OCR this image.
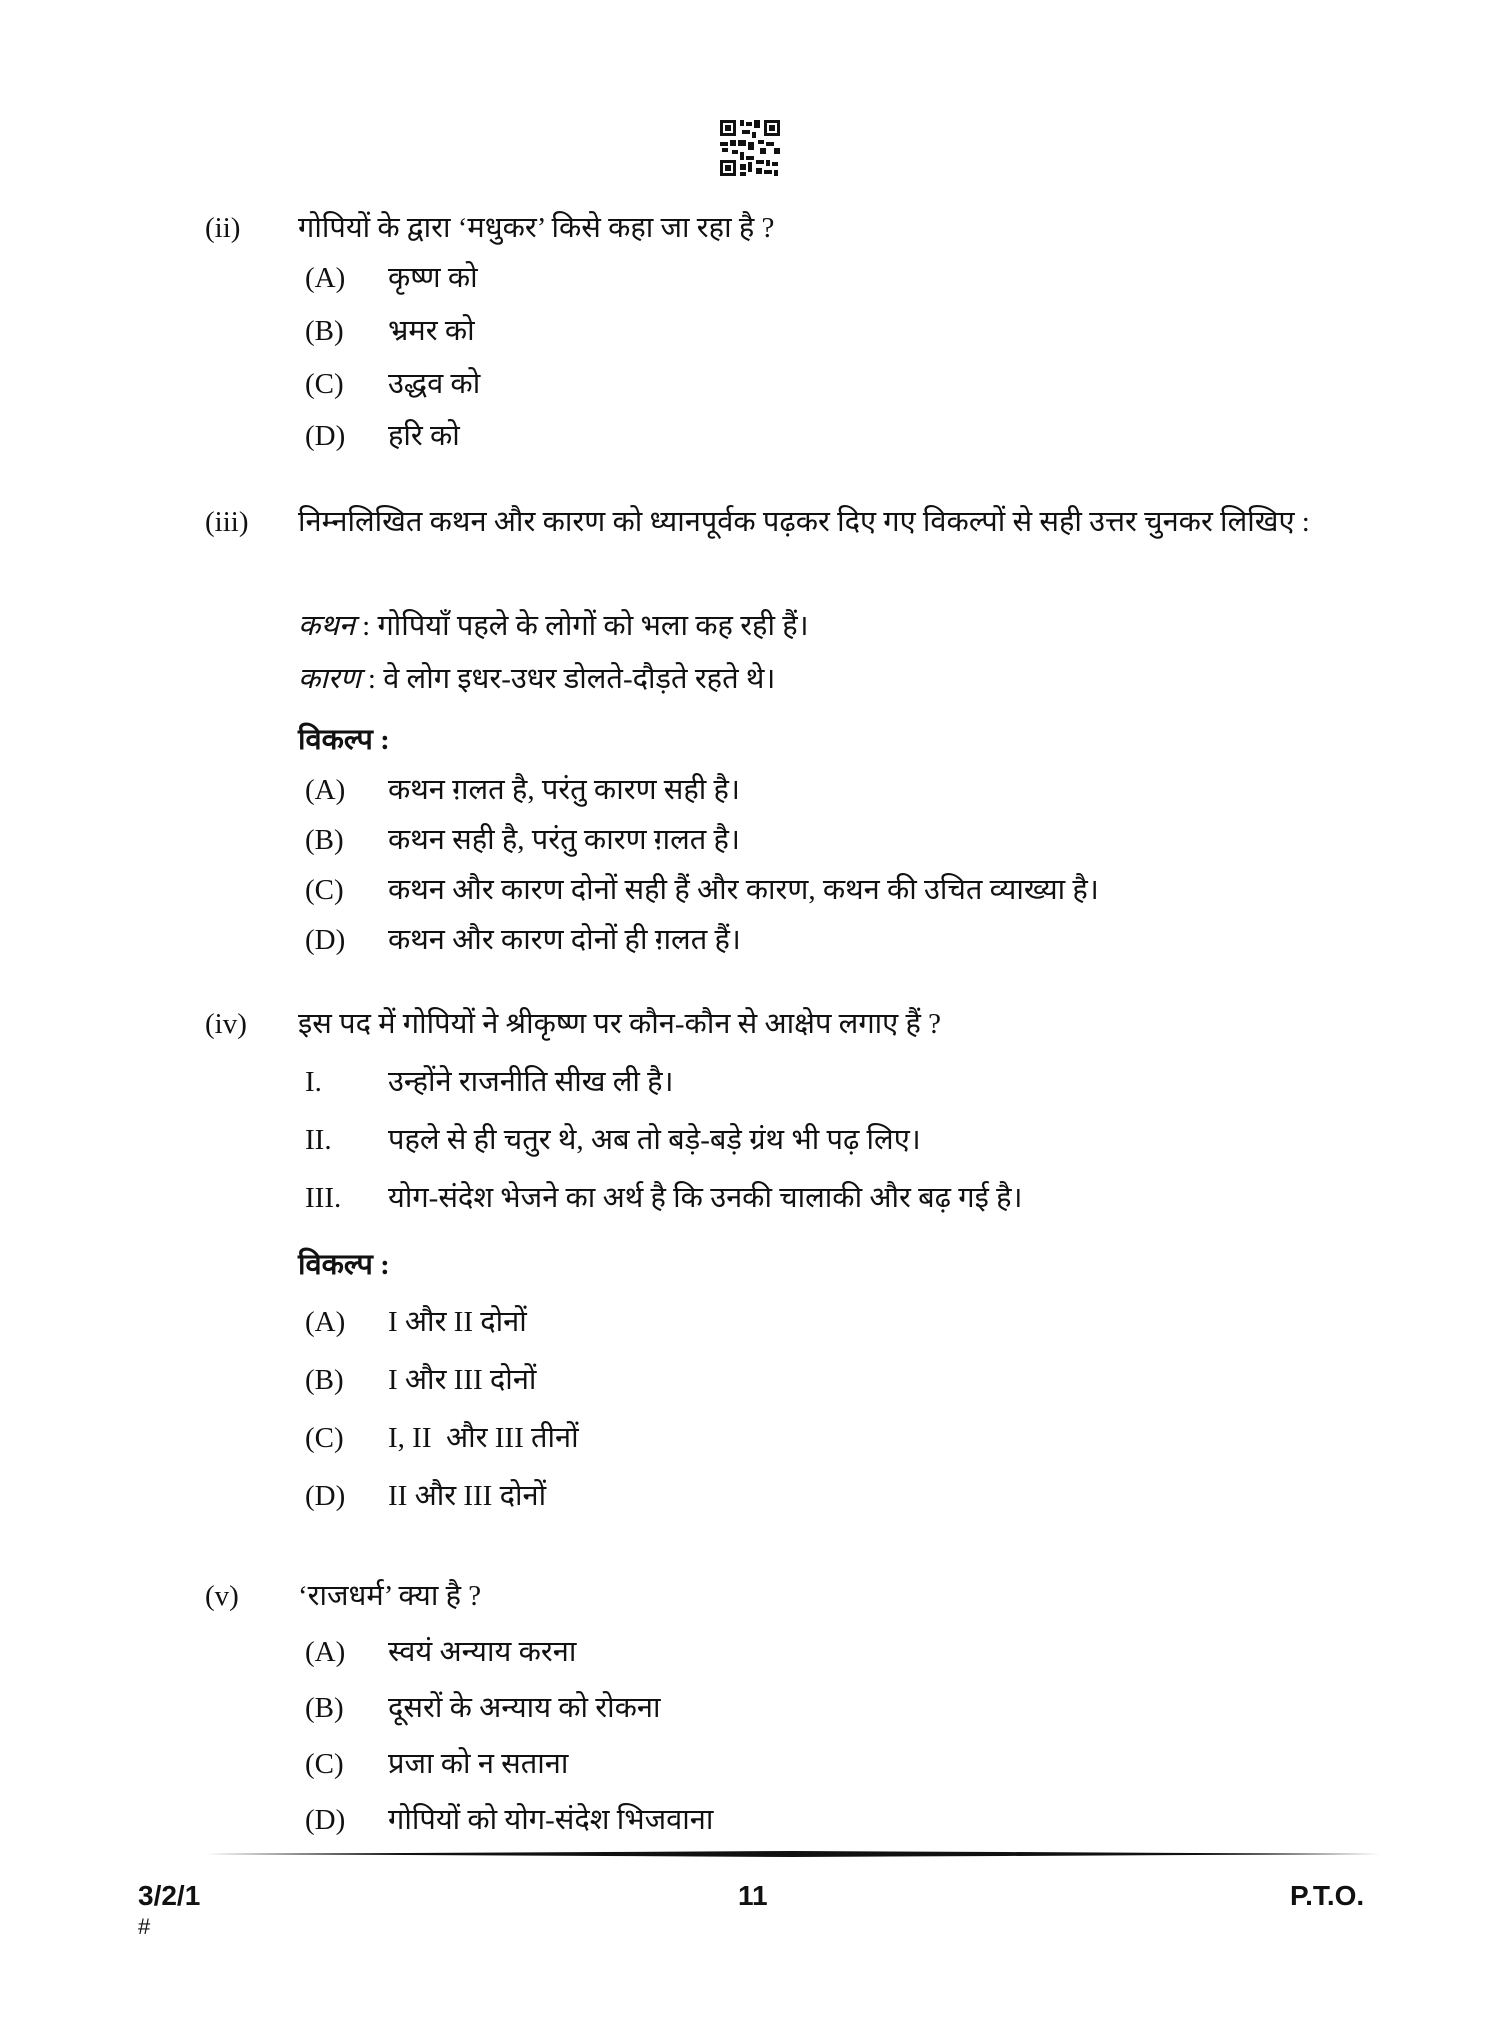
(ii)	गोपियों के द्वारा ‘मधुकर’ किसे कहा जा रहा है ?
(A) कृष्ण को
(B) भ्रमर को
(C) उद्धव को
(D) हरि को
(iii)	निम्नलिखित कथन और कारण को ध्यानपूर्वक पढ़कर दिए गए विकल्पों से सही उत्तर चुनकर लिखिए :
कथन : गोपियाँ पहले के लोगों को भला कह रही हैं।
कारण : वे लोग इधर-उधर डोलते-दौड़ते रहते थे।
विकल्प :
(A) कथन ग़लत है, परंतु कारण सही है।
(B) कथन सही है, परंतु कारण ग़लत है।
(C) कथन और कारण दोनों सही हैं और कारण, कथन की उचित व्याख्या है।
(D) कथन और कारण दोनों ही ग़लत हैं।
(iv)	इस पद में गोपियों ने श्रीकृष्ण पर कौन-कौन से आक्षेप लगाए हैं ?
I. उन्होंने राजनीति सीख ली है।
II. पहले से ही चतुर थे, अब तो बड़े-बड़े ग्रंथ भी पढ़ लिए।
III. योग-संदेश भेजने का अर्थ है कि उनकी चालाकी और बढ़ गई है।
विकल्प :
(A) I और II दोनों
(B) I और III दोनों
(C) I, II  और III तीनों
(D) II और III दोनों
(v)	‘राजधर्म’ क्या है ?
(A) स्वयं अन्याय करना
(B) दूसरों के अन्याय को रोकना
(C) प्रजा को न सताना
(D) गोपियों को योग-संदेश भिजवाना
3/2/1	11	P.T.O.
#
